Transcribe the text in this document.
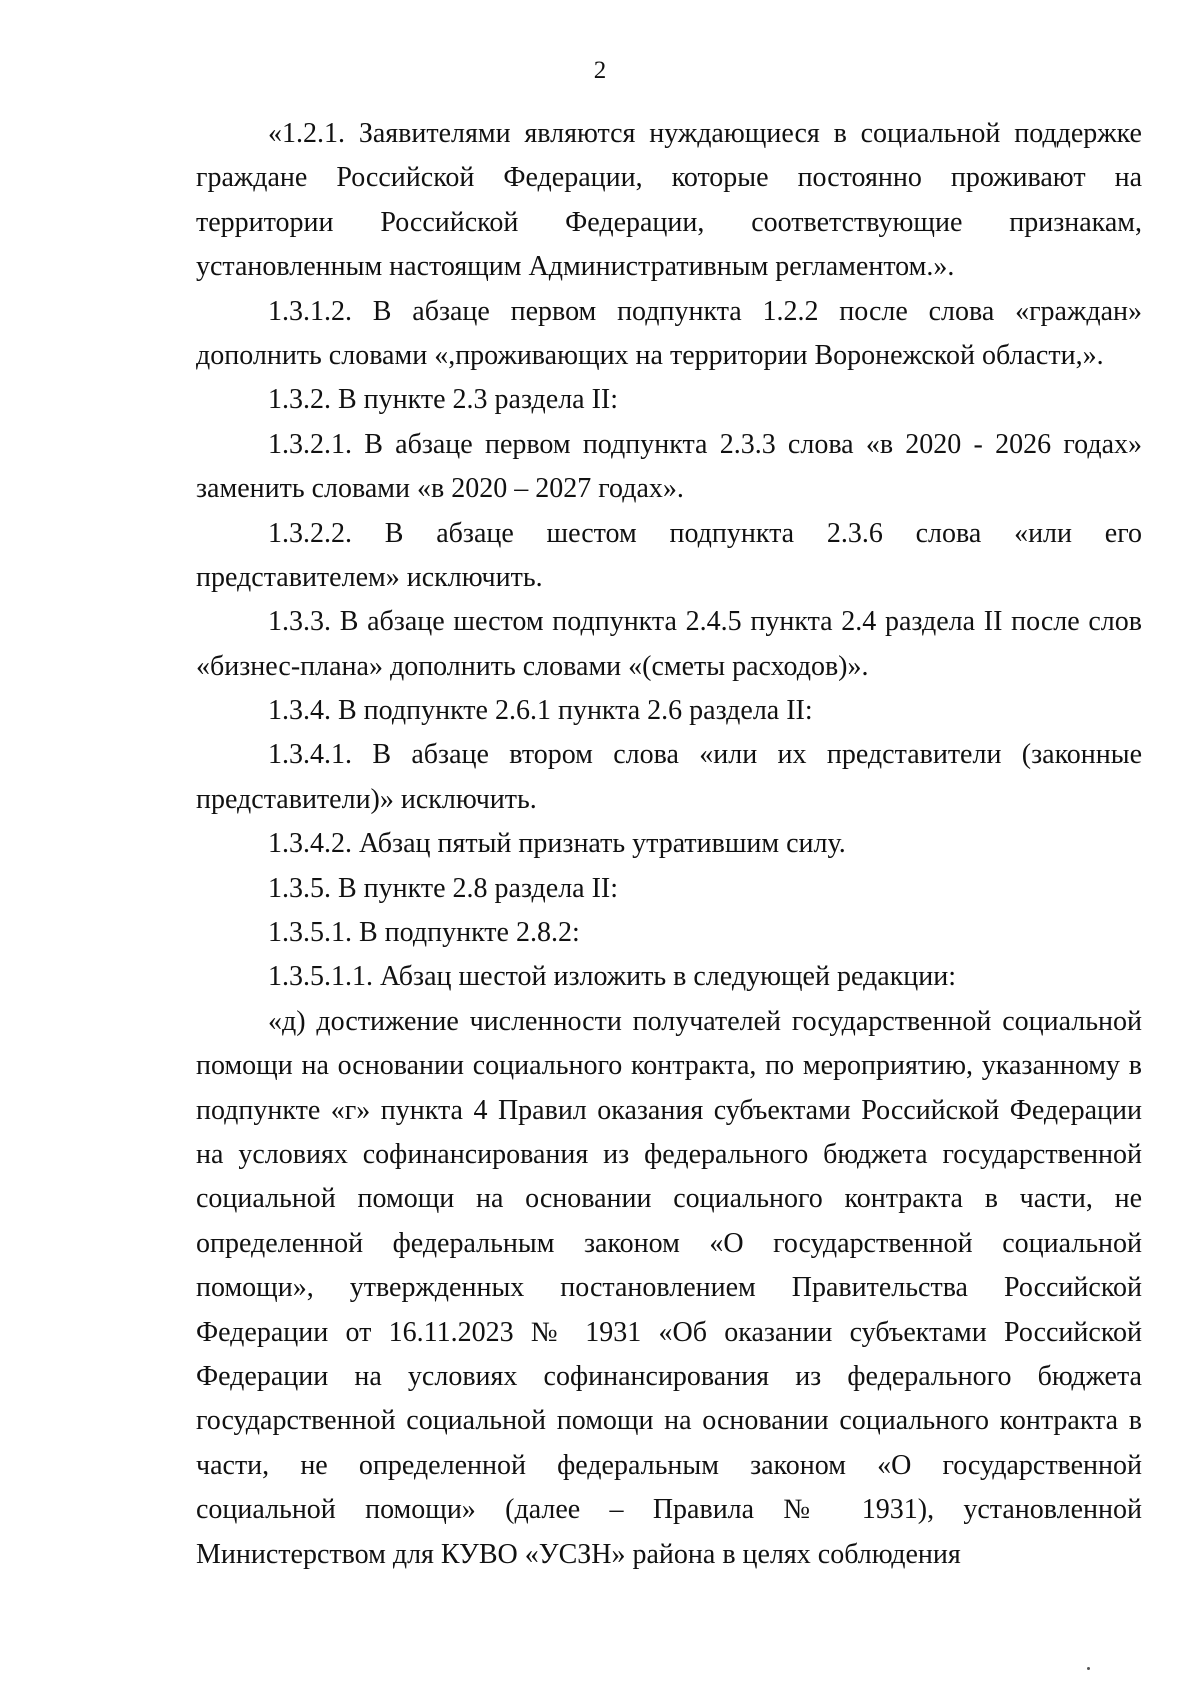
2
«1.2.1. Заявителями являются нуждающиеся в социальной поддержке
граждане Российской Федерации, которые постоянно проживают на
территории Российской Федерации, соответствующие признакам,
установленным настоящим Административным регламентом.».
1.3.1.2. В абзаце первом подпункта 1.2.2 после слова «граждан»
дополнить словами «,проживающих на территории Воронежской области,».
1.3.2. В пункте 2.3 раздела II:
1.3.2.1. В абзаце первом подпункта 2.3.3 слова «в 2020 - 2026 годах»
заменить словами «в 2020 – 2027 годах».
1.3.2.2. В абзаце шестом подпункта 2.3.6 слова «или его
представителем» исключить.
1.3.3. В абзаце шестом подпункта 2.4.5 пункта 2.4 раздела II после слов
«бизнес-плана» дополнить словами «(сметы расходов)».
1.3.4. В подпункте 2.6.1 пункта 2.6 раздела II:
1.3.4.1. В абзаце втором слова «или их представители (законные
представители)» исключить.
1.3.4.2. Абзац пятый признать утратившим силу.
1.3.5. В пункте 2.8 раздела II:
1.3.5.1. В подпункте 2.8.2:
1.3.5.1.1. Абзац шестой изложить в следующей редакции:
«д) достижение численности получателей государственной социальной
помощи на основании социального контракта, по мероприятию, указанному в
подпункте «г» пункта 4 Правил оказания субъектами Российской Федерации
на условиях софинансирования из федерального бюджета государственной
социальной помощи на основании социального контракта в части, не
определенной федеральным законом «О государственной социальной
помощи», утвержденных постановлением Правительства Российской
Федерации от 16.11.2023 № 1931 «Об оказании субъектами Российской
Федерации на условиях софинансирования из федерального бюджета
государственной социальной помощи на основании социального контракта в
части, не определенной федеральным законом «О государственной
социальной помощи» (далее – Правила № 1931), установленной
Министерством для КУВО «УСЗН» района в целях соблюдения
